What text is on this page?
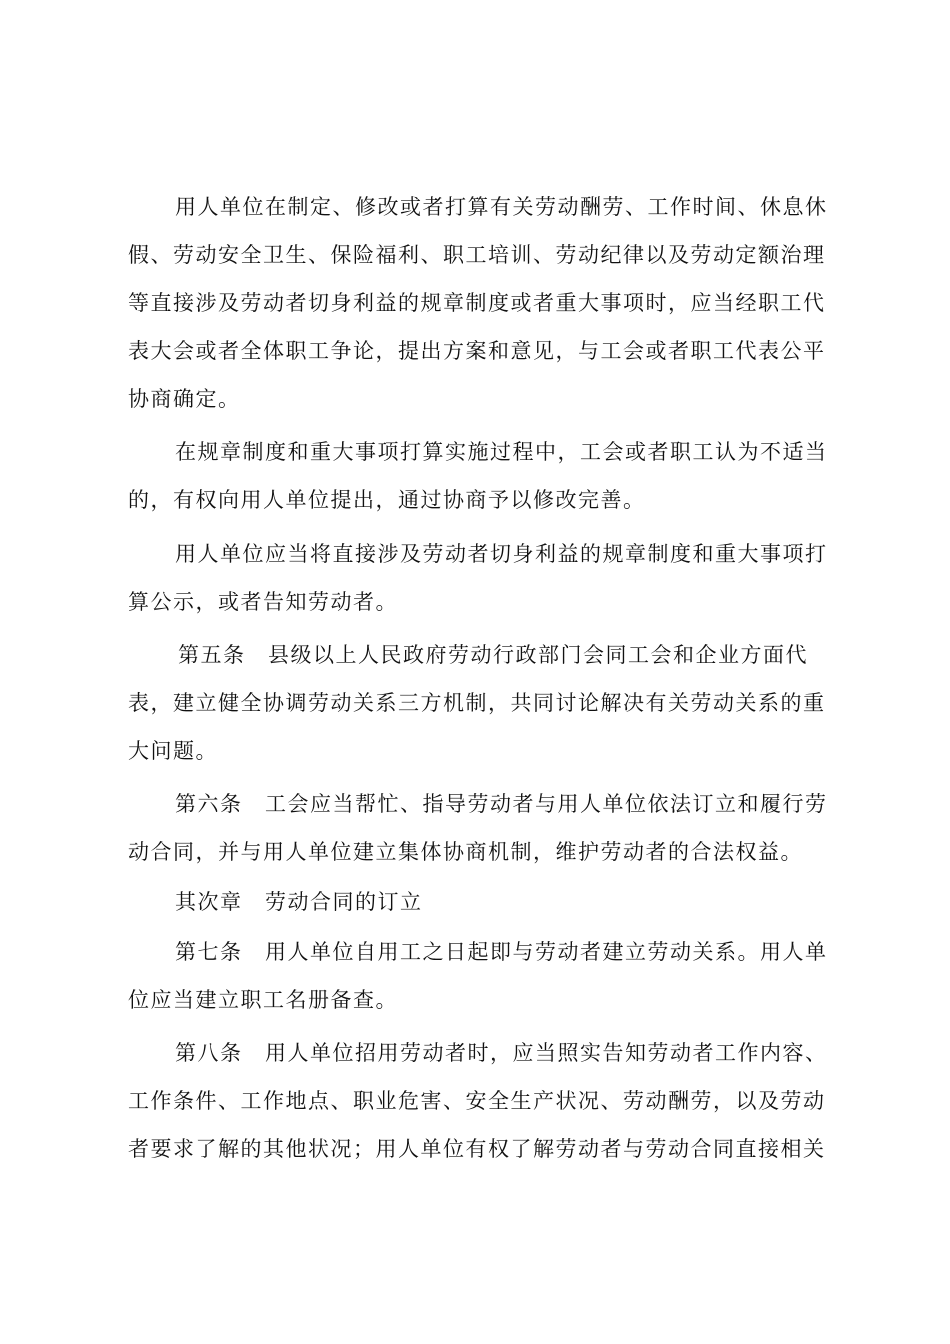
用人单位在制定、修改或者打算有关劳动酬劳、工作时间、休息休

假、劳动安全卫生、保险福利、职工培训、劳动纪律以及劳动定额治理

等直接涉及劳动者切身利益的规章制度或者重大事项时，应当经职工代

表大会或者全体职工争论，提出方案和意见，与工会或者职工代表公平

协商确定。

在规章制度和重大事项打算实施过程中，工会或者职工认为不适当

的，有权向用人单位提出，通过协商予以修改完善。

用人单位应当将直接涉及劳动者切身利益的规章制度和重大事项打

算公示，或者告知劳动者。

第五条　县级以上人民政府劳动行政部门会同工会和企业方面代

表，建立健全协调劳动关系三方机制，共同讨论解决有关劳动关系的重

大问题。

第六条　工会应当帮忙、指导劳动者与用人单位依法订立和履行劳

动合同，并与用人单位建立集体协商机制，维护劳动者的合法权益。

其次章　劳动合同的订立

第七条　用人单位自用工之日起即与劳动者建立劳动关系。用人单

位应当建立职工名册备查。

第八条　用人单位招用劳动者时，应当照实告知劳动者工作内容、

工作条件、工作地点、职业危害、安全生产状况、劳动酬劳，以及劳动

者要求了解的其他状况；用人单位有权了解劳动者与劳动合同直接相关
